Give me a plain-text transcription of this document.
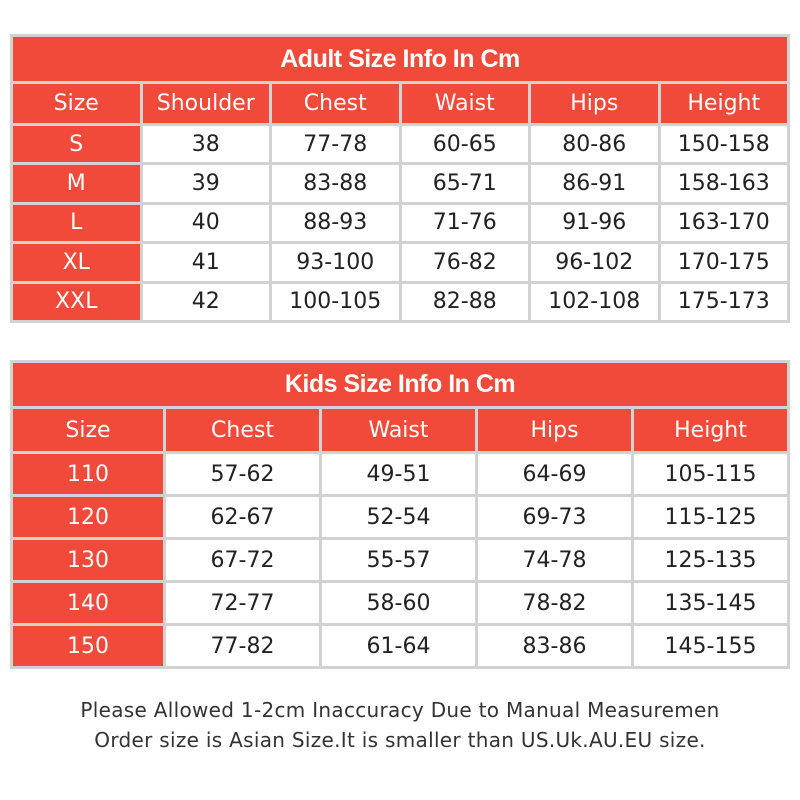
Adult Size Info In Cm
Size	Shoulder	Chest	Waist	Hips	Height
S	38	77-78	60-65	80-86	150-158
M	39	83-88	65-71	86-91	158-163
L	40	88-93	71-76	91-96	163-170
XL	41	93-100	76-82	96-102	170-175
XXL	42	100-105	82-88	102-108	175-173
Kids Size Info In Cm
Size	Chest	Waist	Hips	Height
110	57-62	49-51	64-69	105-115
120	62-67	52-54	69-73	115-125
130	67-72	55-57	74-78	125-135
140	72-77	58-60	78-82	135-145
150	77-82	61-64	83-86	145-155
Please Allowed 1-2cm Inaccuracy Due to Manual Measuremen
Order size is Asian Size.It is smaller than US.Uk.AU.EU size.
